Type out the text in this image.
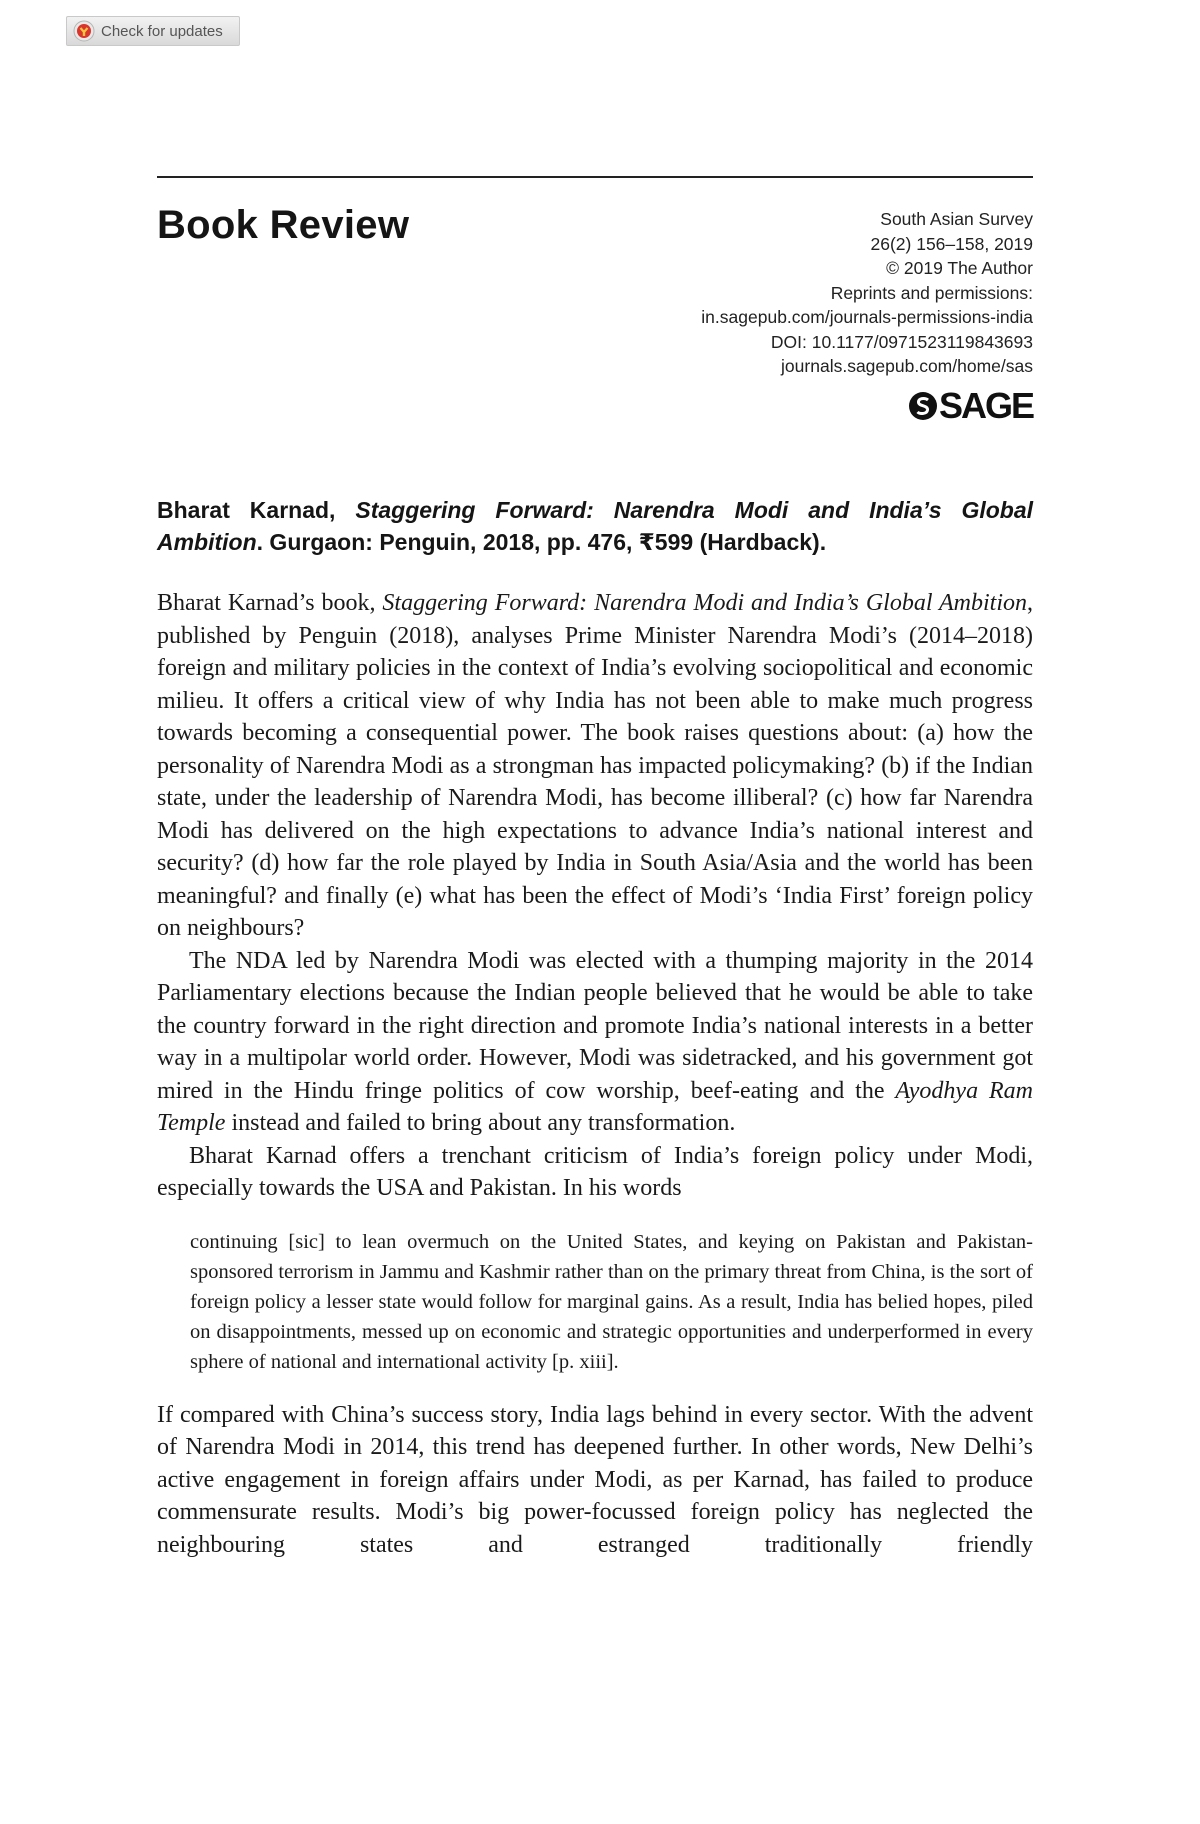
Check for updates
Book Review	South Asian Survey
26(2) 156–158, 2019
© 2019 The Author
Reprints and permissions:
in.sagepub.com/journals-permissions-india
DOI: 10.1177/0971523119843693
journals.sagepub.com/home/sas
SAGE

Bharat Karnad, Staggering Forward: Narendra Modi and India’s Global Ambition. Gurgaon: Penguin, 2018, pp. 476, ₹599 (Hardback).

Bharat Karnad’s book, Staggering Forward: Narendra Modi and India’s Global Ambition, published by Penguin (2018), analyses Prime Minister Narendra Modi’s (2014–2018) foreign and military policies in the context of India’s evolving sociopolitical and economic milieu. It offers a critical view of why India has not been able to make much progress towards becoming a consequential power. The book raises questions about: (a) how the personality of Narendra Modi as a strongman has impacted policymaking? (b) if the Indian state, under the leadership of Narendra Modi, has become illiberal? (c) how far Narendra Modi has delivered on the high expectations to advance India’s national interest and security? (d) how far the role played by India in South Asia/Asia and the world has been meaningful? and finally (e) what has been the effect of Modi’s ‘India First’ foreign policy on neighbours?

The NDA led by Narendra Modi was elected with a thumping majority in the 2014 Parliamentary elections because the Indian people believed that he would be able to take the country forward in the right direction and promote India’s national interests in a better way in a multipolar world order. However, Modi was sidetracked, and his government got mired in the Hindu fringe politics of cow worship, beef-eating and the Ayodhya Ram Temple instead and failed to bring about any transformation.

Bharat Karnad offers a trenchant criticism of India’s foreign policy under Modi, especially towards the USA and Pakistan. In his words

continuing [sic] to lean overmuch on the United States, and keying on Pakistan and Pakistan-sponsored terrorism in Jammu and Kashmir rather than on the primary threat from China, is the sort of foreign policy a lesser state would follow for marginal gains. As a result, India has belied hopes, piled on disappointments, messed up on economic and strategic opportunities and underperformed in every sphere of national and international activity [p. xiii].

If compared with China’s success story, India lags behind in every sector. With the advent of Narendra Modi in 2014, this trend has deepened further. In other words, New Delhi’s active engagement in foreign affairs under Modi, as per Karnad, has failed to produce commensurate results. Modi’s big power-focussed foreign policy has neglected the neighbouring states and estranged traditionally friendly
